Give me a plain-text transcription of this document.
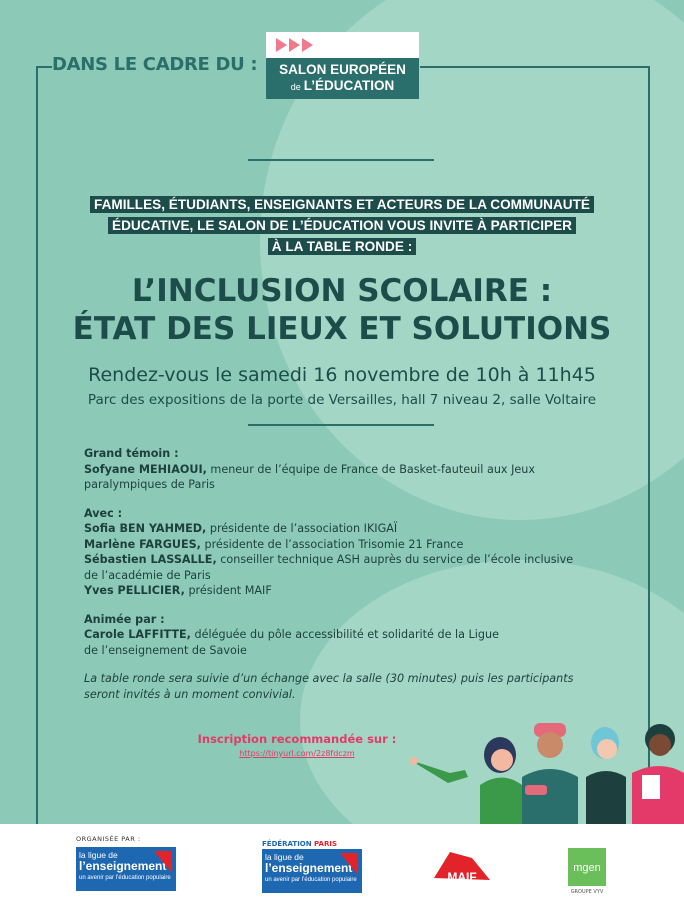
DANS LE CADRE DU :	SALON EUROPÉEN
de L’ÉDUCATION
FAMILLES, ÉTUDIANTS, ENSEIGNANTS ET ACTEURS DE LA COMMUNAUTÉ
ÉDUCATIVE, LE SALON DE L’ÉDUCATION VOUS INVITE À PARTICIPER
À LA TABLE RONDE :
L’INCLUSION SCOLAIRE :
ÉTAT DES LIEUX ET SOLUTIONS
Rendez-vous le samedi 16 novembre de 10h à 11h45
Parc des expositions de la porte de Versailles, hall 7 niveau 2, salle Voltaire
Grand témoin :
Sofyane MEHIAOUI, meneur de l’équipe de France de Basket-fauteuil aux Jeux
paralympiques de Paris
Avec :
Sofia BEN YAHMED, présidente de l’association IKIGAÏ
Marlène FARGUES, présidente de l’association Trisomie 21 France
Sébastien LASSALLE, conseiller technique ASH auprès du service de l’école inclusive
de l’académie de Paris
Yves PELLICIER, président MAIF
Animée par :
Carole LAFFITTE, déléguée du pôle accessibilité et solidarité de la Ligue
de l’enseignement de Savoie
La table ronde sera suivie d’un échange avec la salle (30 minutes) puis les participants
seront invités à un moment convivial.
Inscription recommandée sur :
https://tinyurl.com/2z8fdczm
ORGANISÉE PAR :
la ligue de
l’enseignement
un avenir par l’éducation populaire
FÉDÉRATION PARIS
la ligue de
l’enseignement
un avenir par l’éducation populaire	MAIF
mgen
GROUPE VYV
